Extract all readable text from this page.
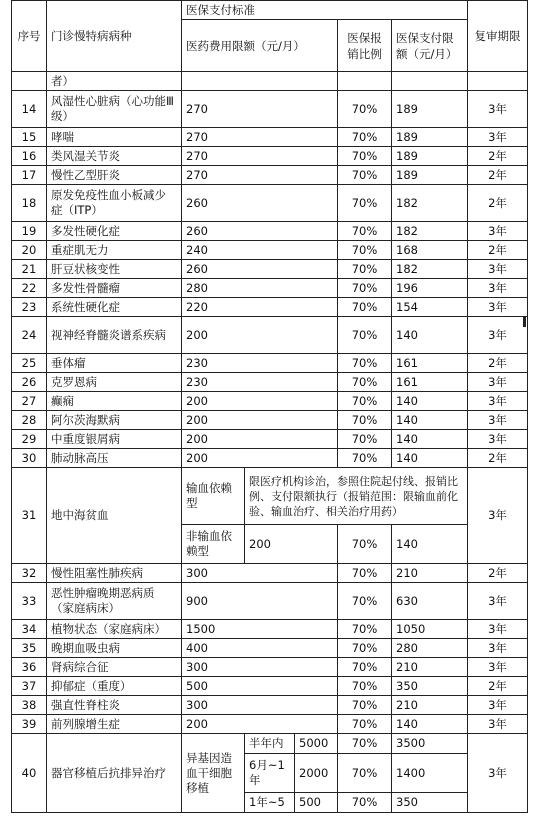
序号	门诊慢特病病种	医保支付标准					复审期限
		医药费用限额（元/月）			医保报销比例	医保支付限额（元/月）	
	者）						
14	风湿性心脏病（心功能Ⅲ级）	270			70%	189	3年
15	哮喘	270			70%	189	3年
16	类风湿关节炎	270			70%	189	2年
17	慢性乙型肝炎	270			70%	189	2年
18	原发免疫性血小板减少症（ITP）	260			70%	182	2年
19	多发性硬化症	260			70%	182	3年
20	重症肌无力	240			70%	168	2年
21	肝豆状核变性	260			70%	182	3年
22	多发性骨髓瘤	280			70%	196	3年
23	系统性硬化症	220			70%	154	3年
24	视神经脊髓炎谱系疾病	200			70%	140	3年
25	垂体瘤	230			70%	161	2年
26	克罗恩病	230			70%	161	3年
27	癫痫	200			70%	140	3年
28	阿尔茨海默病	200			70%	140	3年
29	中重度银屑病	200			70%	140	3年
30	肺动脉高压	200			70%	140	2年
31	地中海贫血	输血依赖型	限医疗机构诊治，参照住院起付线、报销比例、支付限额执行（报销范围：限输血前化验、输血治疗、相关治疗用药）				3年
		非输血依赖型	200		70%	140	
32	慢性阻塞性肺疾病	300			70%	210	2年
33	恶性肿瘤晚期恶病质（家庭病床）	900			70%	630	3年
34	植物状态（家庭病床）	1500			70%	1050	3年
35	晚期血吸虫病	400			70%	280	3年
36	肾病综合征	300			70%	210	3年
37	抑郁症（重度）	500			70%	350	2年
38	强直性脊柱炎	300			70%	210	3年
39	前列腺增生症	200			70%	140	3年
40	器官移植后抗排异治疗	异基因造血干细胞移植	半年内	5000	70%	3500	3年
			6月~1年	2000	70%	1400	
			1年~5	500	70%	350	
